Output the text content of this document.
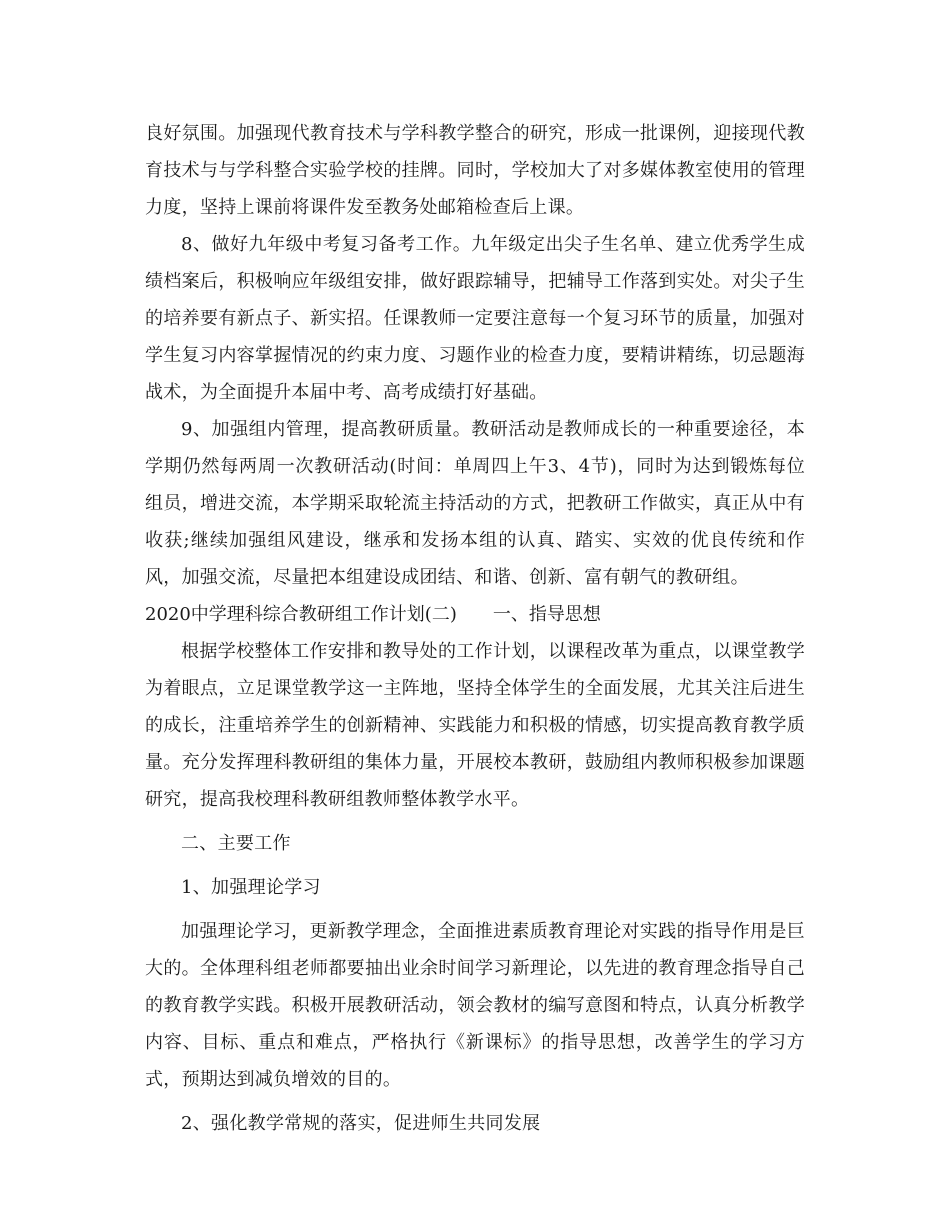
良好氛围。加强现代教育技术与学科教学整合的研究，形成一批课例，迎接现代教育技术与与学科整合实验学校的挂牌。同时，学校加大了对多媒体教室使用的管理力度，坚持上课前将课件发至教务处邮箱检查后上课。

8、做好九年级中考复习备考工作。九年级定出尖子生名单、建立优秀学生成绩档案后，积极响应年级组安排，做好跟踪辅导，把辅导工作落到实处。对尖子生的培养要有新点子、新实招。任课教师一定要注意每一个复习环节的质量，加强对学生复习内容掌握情况的约束力度、习题作业的检查力度，要精讲精练，切忌题海战术，为全面提升本届中考、高考成绩打好基础。

9、加强组内管理，提高教研质量。教研活动是教师成长的一种重要途径，本学期仍然每两周一次教研活动(时间：单周四上午3、4节)，同时为达到锻炼每位组员，增进交流，本学期采取轮流主持活动的方式，把教研工作做实，真正从中有收获;继续加强组风建设，继承和发扬本组的认真、踏实、实效的优良传统和作风，加强交流，尽量把本组建设成团结、和谐、创新、富有朝气的教研组。

2020中学理科综合教研组工作计划(二) 一、指导思想

根据学校整体工作安排和教导处的工作计划，以课程改革为重点，以课堂教学为着眼点，立足课堂教学这一主阵地，坚持全体学生的全面发展，尤其关注后进生的成长，注重培养学生的创新精神、实践能力和积极的情感，切实提高教育教学质量。充分发挥理科教研组的集体力量，开展校本教研，鼓励组内教师积极参加课题研究，提高我校理科教研组教师整体教学水平。

二、主要工作

1、加强理论学习

加强理论学习，更新教学理念，全面推进素质教育理论对实践的指导作用是巨大的。全体理科组老师都要抽出业余时间学习新理论，以先进的教育理念指导自己的教育教学实践。积极开展教研活动，领会教材的编写意图和特点，认真分析教学内容、目标、重点和难点，严格执行《新课标》的指导思想，改善学生的学习方式，预期达到减负增效的目的。

2、强化教学常规的落实，促进师生共同发展
